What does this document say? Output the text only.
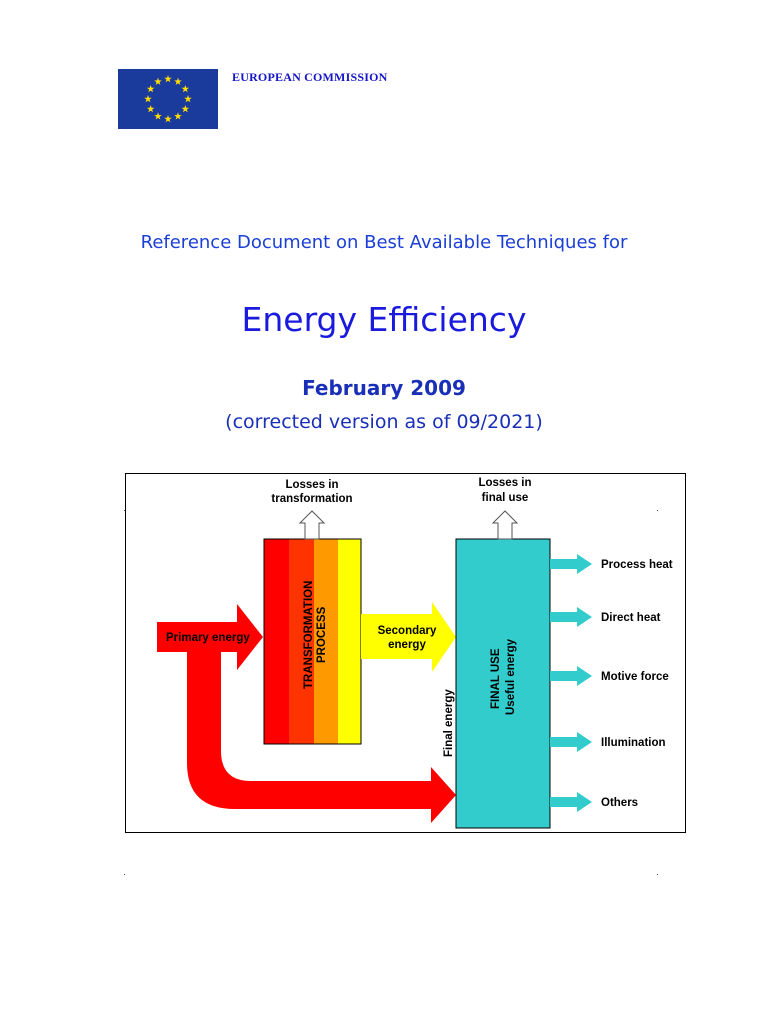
EUROPEAN COMMISSION
Reference Document on Best Available Techniques for
Energy Efficiency
February 2009
(corrected version as of 09/2021)
Primary energy	TRANSFORMATION PROCESS
Losses in
transformation
Secondary
energy
Final energy
FINAL USE Useful energy
Losses in
final use
Process heat
Direct heat
Motive force
Illumination
Others
